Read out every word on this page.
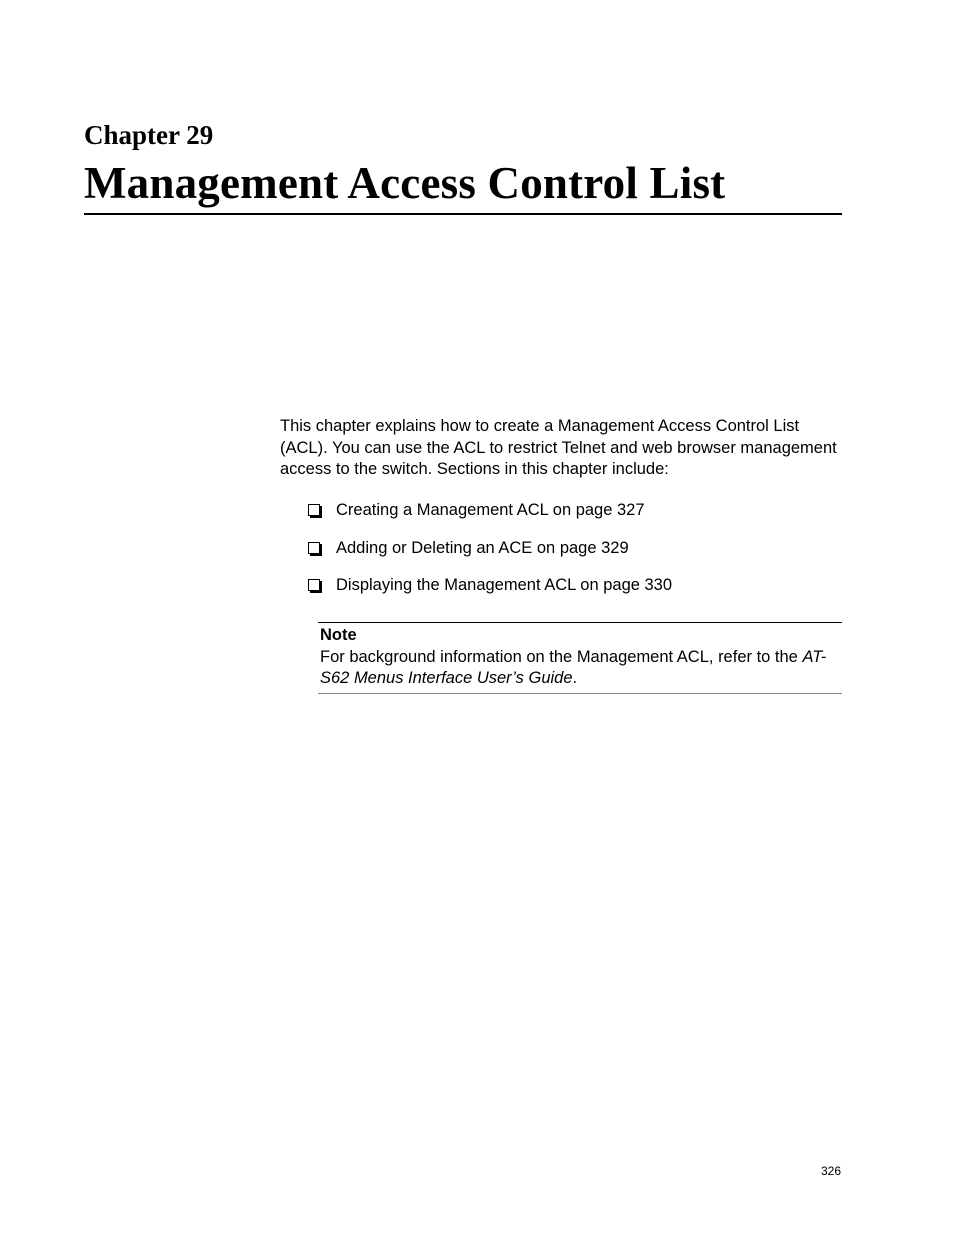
Chapter 29
Management Access Control List

This chapter explains how to create a Management Access Control List (ACL). You can use the ACL to restrict Telnet and web browser management access to the switch. Sections in this chapter include:

Creating a Management ACL on page 327
Adding or Deleting an ACE on page 329
Displaying the Management ACL on page 330
Note
For background information on the Management ACL, refer to the AT-S62 Menus Interface User’s Guide.
326
